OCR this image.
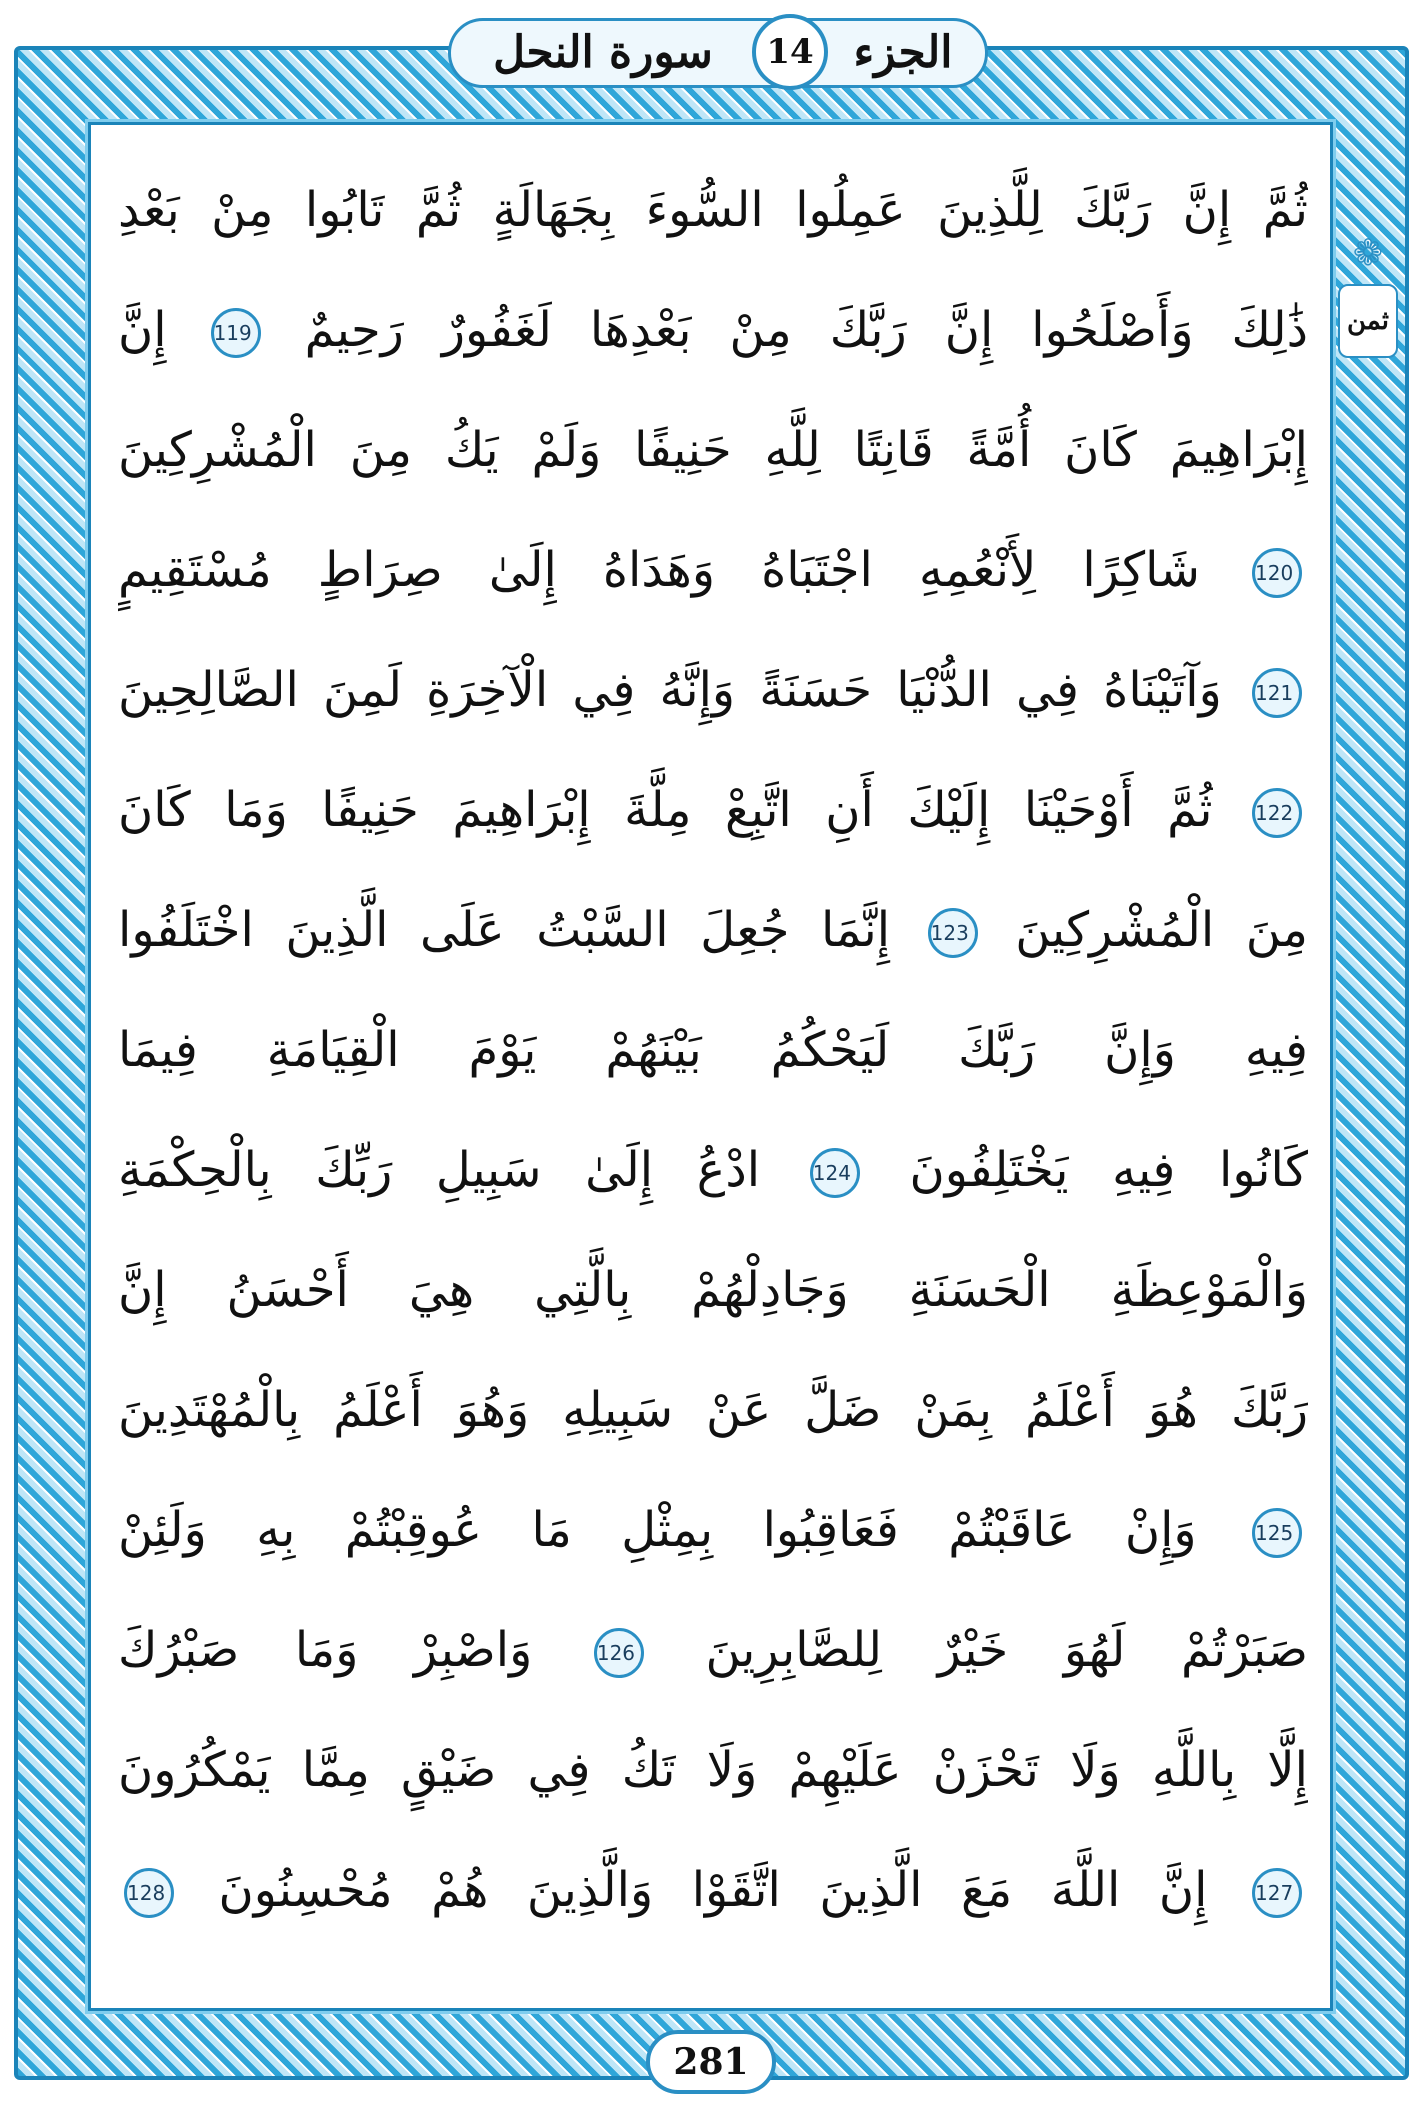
الجزء
14
سورة النحل
❁
ثمن
ثُمَّ إِنَّ رَبَّكَ لِلَّذِينَ عَمِلُوا السُّوءَ بِجَهَالَةٍ ثُمَّ تَابُوا مِنْ بَعْدِ
ذَٰلِكَ وَأَصْلَحُوا إِنَّ رَبَّكَ مِنْ بَعْدِهَا لَغَفُورٌ رَحِيمٌ 119 إِنَّ
إِبْرَاهِيمَ كَانَ أُمَّةً قَانِتًا لِلَّهِ حَنِيفًا وَلَمْ يَكُ مِنَ الْمُشْرِكِينَ
120 شَاكِرًا لِأَنْعُمِهِ اجْتَبَاهُ وَهَدَاهُ إِلَىٰ صِرَاطٍ مُسْتَقِيمٍ
121 وَآتَيْنَاهُ فِي الدُّنْيَا حَسَنَةً وَإِنَّهُ فِي الْآخِرَةِ لَمِنَ الصَّالِحِينَ
122 ثُمَّ أَوْحَيْنَا إِلَيْكَ أَنِ اتَّبِعْ مِلَّةَ إِبْرَاهِيمَ حَنِيفًا وَمَا كَانَ
مِنَ الْمُشْرِكِينَ 123 إِنَّمَا جُعِلَ السَّبْتُ عَلَى الَّذِينَ اخْتَلَفُوا
فِيهِ وَإِنَّ رَبَّكَ لَيَحْكُمُ بَيْنَهُمْ يَوْمَ الْقِيَامَةِ فِيمَا
كَانُوا فِيهِ يَخْتَلِفُونَ 124 ادْعُ إِلَىٰ سَبِيلِ رَبِّكَ بِالْحِكْمَةِ
وَالْمَوْعِظَةِ الْحَسَنَةِ وَجَادِلْهُمْ بِالَّتِي هِيَ أَحْسَنُ إِنَّ
رَبَّكَ هُوَ أَعْلَمُ بِمَنْ ضَلَّ عَنْ سَبِيلِهِ وَهُوَ أَعْلَمُ بِالْمُهْتَدِينَ
125 وَإِنْ عَاقَبْتُمْ فَعَاقِبُوا بِمِثْلِ مَا عُوقِبْتُمْ بِهِ وَلَئِنْ
صَبَرْتُمْ لَهُوَ خَيْرٌ لِلصَّابِرِينَ 126 وَاصْبِرْ وَمَا صَبْرُكَ
إِلَّا بِاللَّهِ وَلَا تَحْزَنْ عَلَيْهِمْ وَلَا تَكُ فِي ضَيْقٍ مِمَّا يَمْكُرُونَ
127 إِنَّ اللَّهَ مَعَ الَّذِينَ اتَّقَوْا وَالَّذِينَ هُمْ مُحْسِنُونَ 128
281
